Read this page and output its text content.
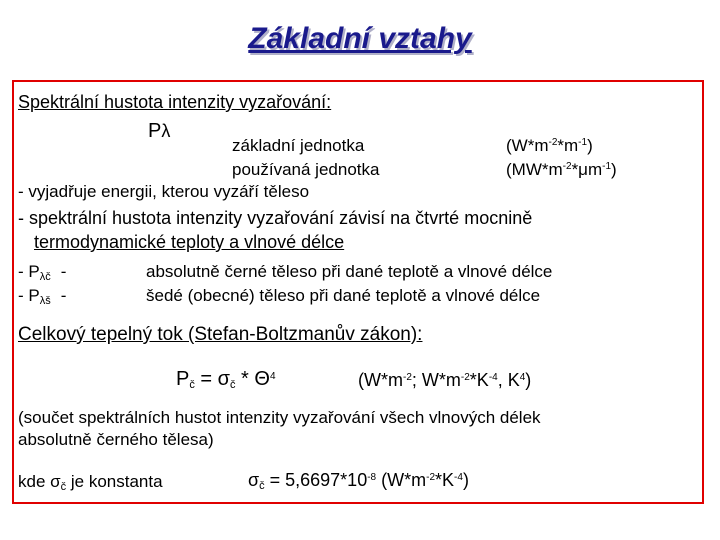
Základní vztahy
Spektrální hustota intenzity vyzařování:
Pλ
základní jednotka	$(W*m^{-2}*m^{-1})$
používaná jednotka	$(MW*m^{-2}*\mu m^{-1})$
- vyjadřuje energii, kterou vyzáří těleso
- spektrální hustota intenzity vyzařování závisí na čtvrté mocnině
termodynamické teploty a vlnové délce
- $P_{\lambda č}$ -	absolutně černé těleso při dané teplotě a vlnové délce
- $P_{\lambda š}$ -	šedé (obecné) těleso při dané teplotě a vlnové délce
Celkový tepelný tok (Stefan-Boltzmanův zákon):
$P_č = \sigma_č * \Theta^4$	($W*m^{-2}$; $W*m^{-2}*K^{-4}$, $K^4$)
(součet spektrálních hustot intenzity vyzařování všech vlnových délek
absolutně černého tělesa)
kde $\sigma_č$ je konstanta	$\sigma_č = 5,6697*10^{-8}$ $(W*m^{-2}*K^{-4})$
